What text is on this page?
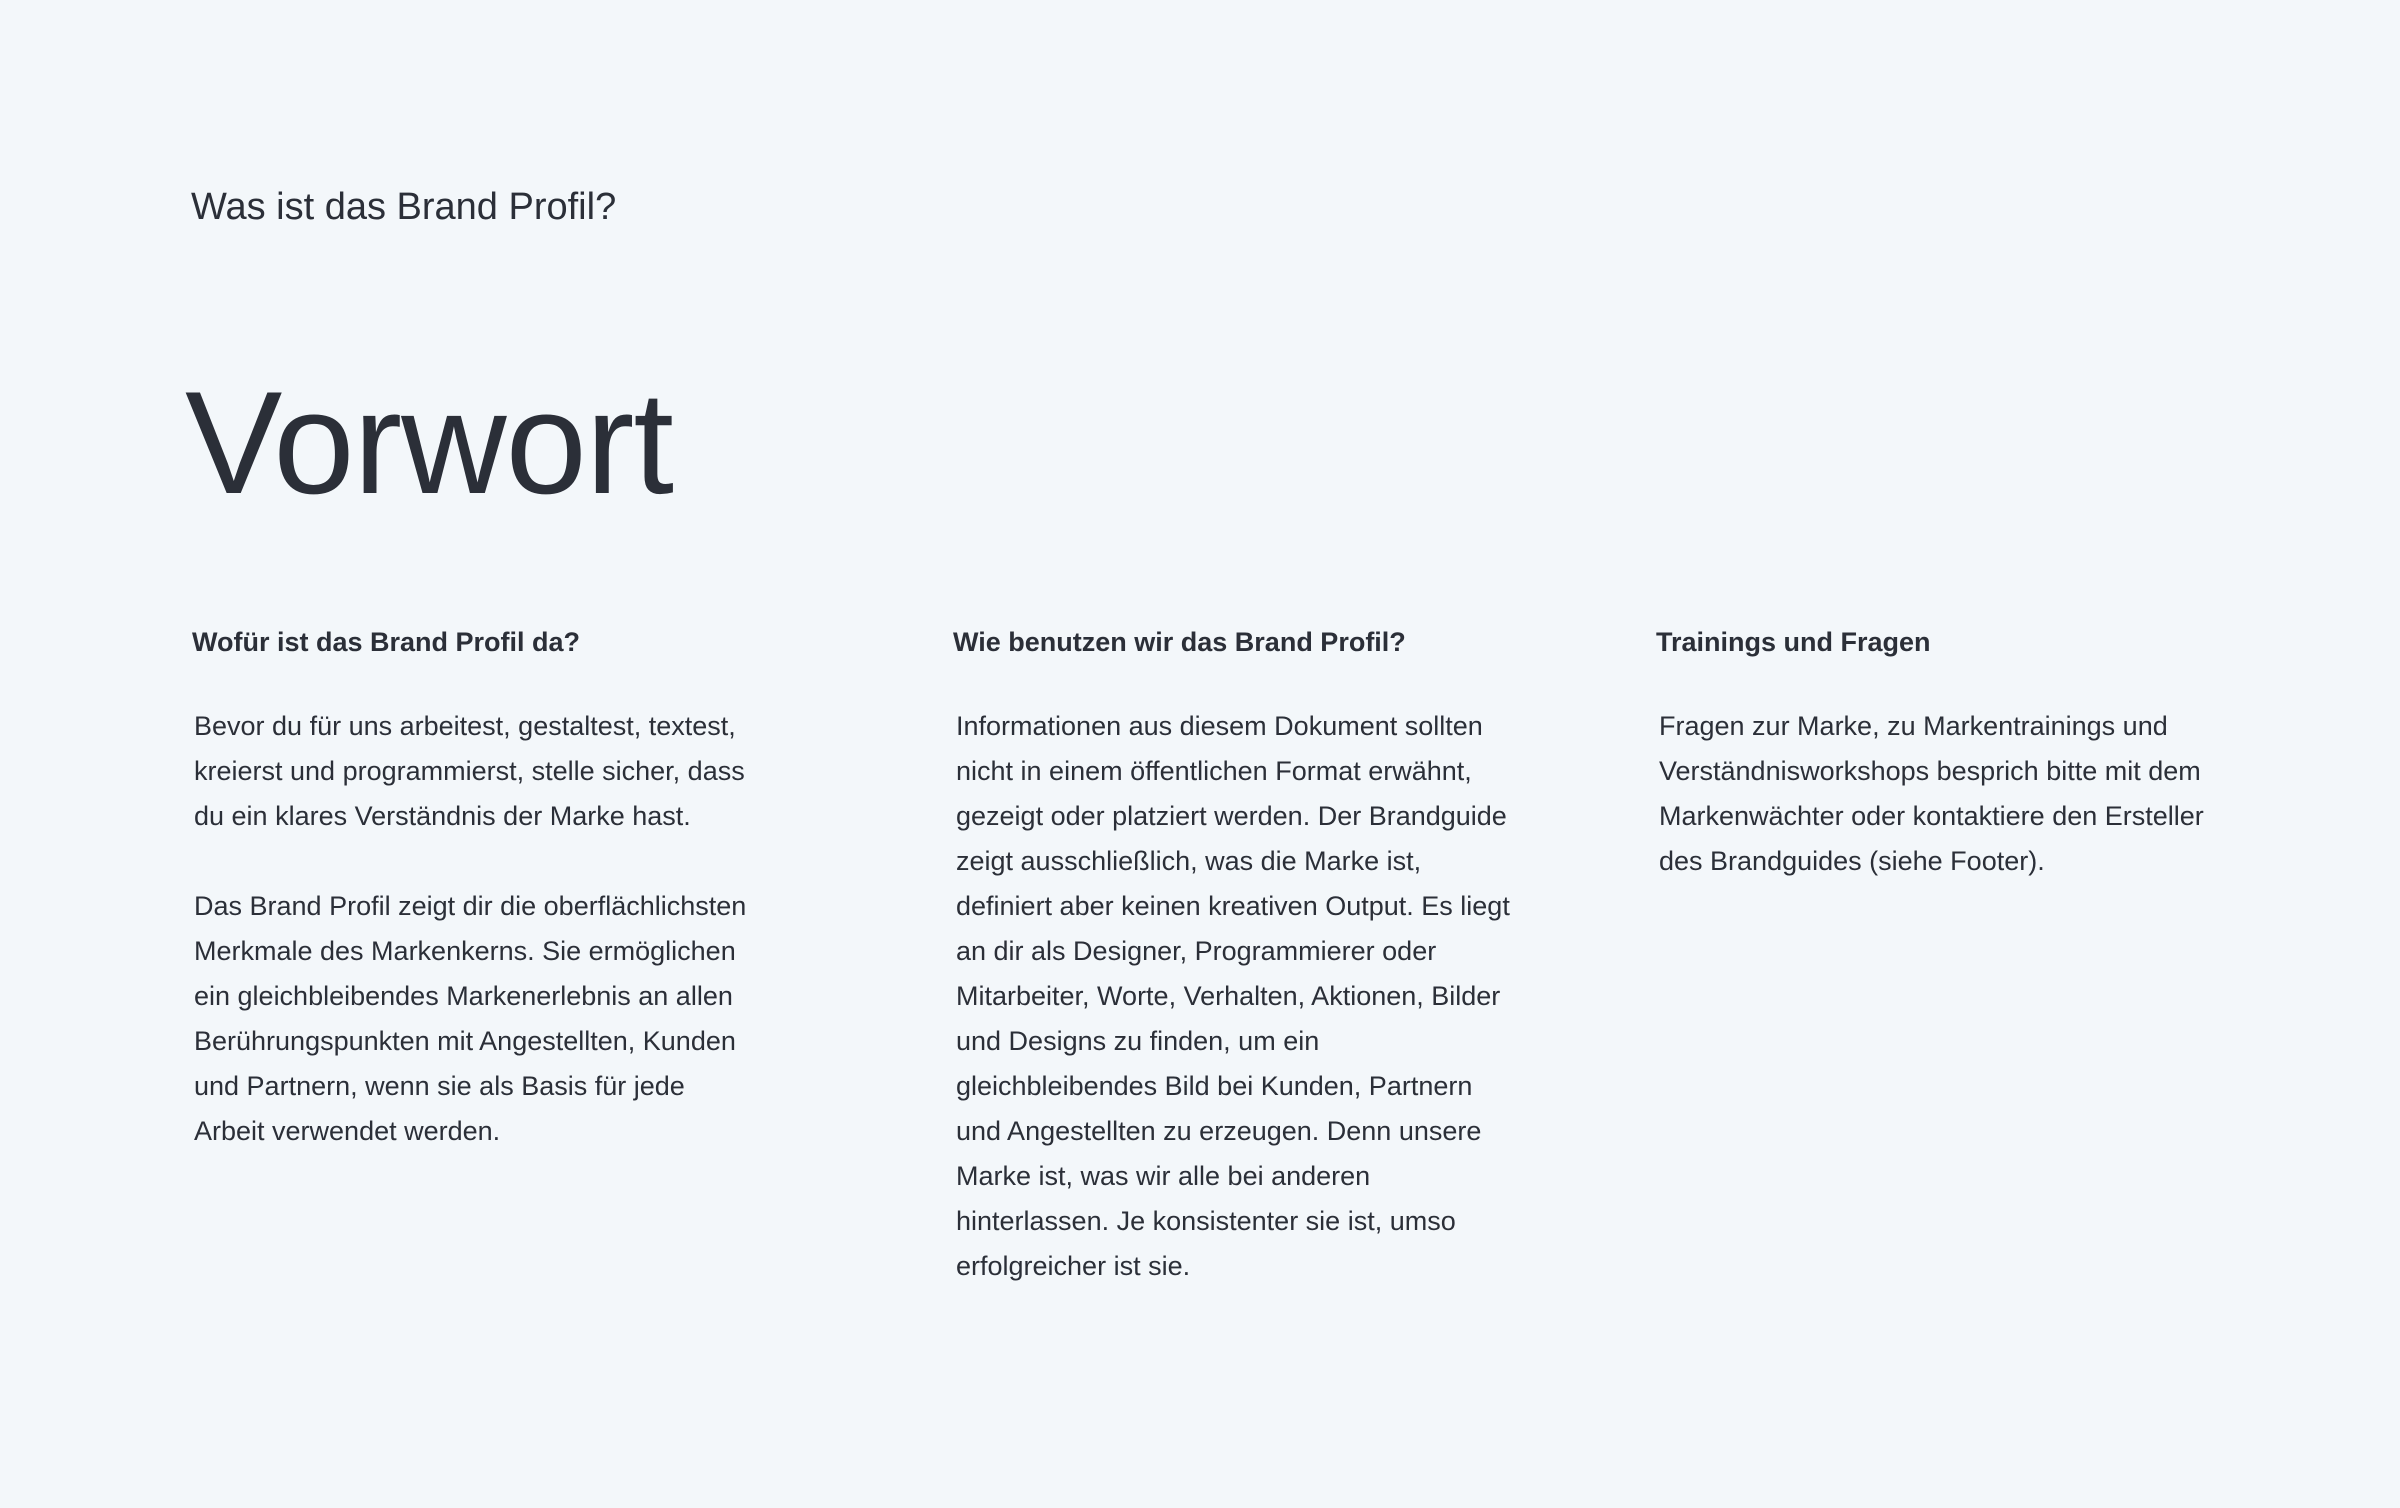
Was ist das Brand Profil?
Vorwort
Wofür ist das Brand Profil da?

Bevor du für uns arbeitest, gestaltest, textest,
kreierst und programmierst, stelle sicher, dass
du ein klares Verständnis der Marke hast.

Das Brand Profil zeigt dir die oberflächlichsten
Merkmale des Markenkerns. Sie ermöglichen
ein gleichbleibendes Markenerlebnis an allen
Berührungspunkten mit Angestellten, Kunden
und Partnern, wenn sie als Basis für jede
Arbeit verwendet werden.

Wie benutzen wir das Brand Profil?

Informationen aus diesem Dokument sollten
nicht in einem öffentlichen Format erwähnt,
gezeigt oder platziert werden. Der Brandguide
zeigt ausschließlich, was die Marke ist,
definiert aber keinen kreativen Output. Es liegt
an dir als Designer, Programmierer oder
Mitarbeiter, Worte, Verhalten, Aktionen, Bilder
und Designs zu finden, um ein
gleichbleibendes Bild bei Kunden, Partnern
und Angestellten zu erzeugen. Denn unsere
Marke ist, was wir alle bei anderen
hinterlassen. Je konsistenter sie ist, umso
erfolgreicher ist sie.

Trainings und Fragen

Fragen zur Marke, zu Markentrainings und
Verständnisworkshops besprich bitte mit dem
Markenwächter oder kontaktiere den Ersteller
des Brandguides (siehe Footer).
